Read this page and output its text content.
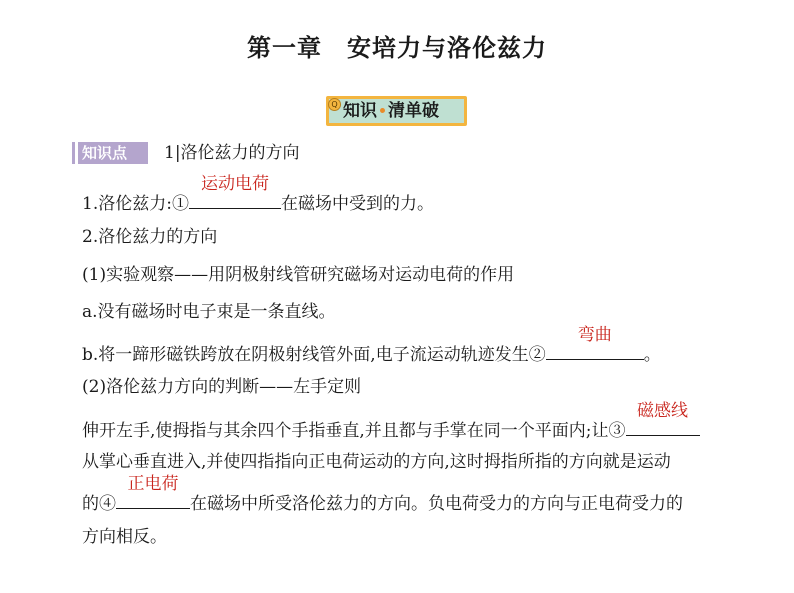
第一章　安培力与洛伦兹力
知识 清单破
Q
知识点 1|洛伦兹力的方向
1.洛伦兹力:①
运动电荷
在磁场中受到的力。
2.洛伦兹力的方向
(1)实验观察——用阴极射线管研究磁场对运动电荷的作用
a.没有磁场时电子束是一条直线。
b.将一蹄形磁铁跨放在阴极射线管外面,电子流运动轨迹发生②
弯曲
。
(2)洛伦兹力方向的判断——左手定则
伸开左手,使拇指与其余四个手指垂直,并且都与手掌在同一个平面内;让③
磁感线
从掌心垂直进入,并使四指指向正电荷运动的方向,这时拇指所指的方向就是运动
的④
正电荷
在磁场中所受洛伦兹力的方向。负电荷受力的方向与正电荷受力的
方向相反。
